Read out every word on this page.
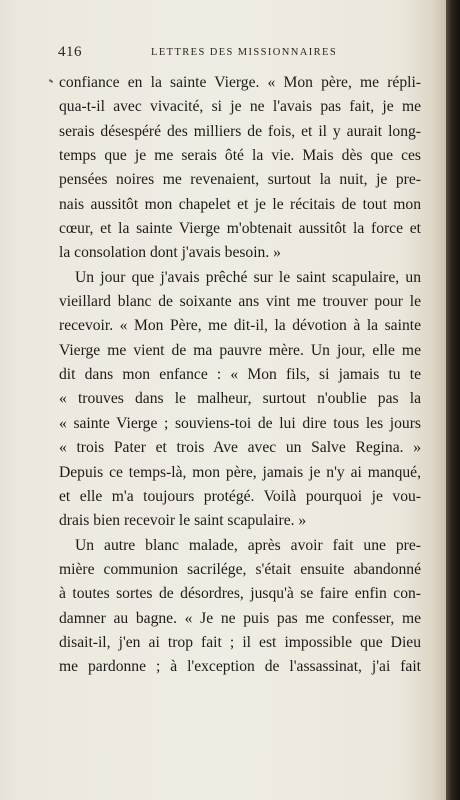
416	LETTRES DES MISSIONNAIRES
confiance en la sainte Vierge. « Mon père, me répli-
qua-t-il avec vivacité, si je ne l'avais pas fait, je me
serais désespéré des milliers de fois, et il y aurait long-
temps que je me serais ôté la vie. Mais dès que ces
pensées noires me revenaient, surtout la nuit, je pre-
nais aussitôt mon chapelet et je le récitais de tout mon
cœur, et la sainte Vierge m'obtenait aussitôt la force et
la consolation dont j'avais besoin. »
Un jour que j'avais prêché sur le saint scapulaire, un
vieillard blanc de soixante ans vint me trouver pour le
recevoir. « Mon Père, me dit-il, la dévotion à la sainte
Vierge me vient de ma pauvre mère. Un jour, elle me
dit dans mon enfance : « Mon fils, si jamais tu te
« trouves dans le malheur, surtout n'oublie pas la
« sainte Vierge ; souviens-toi de lui dire tous les jours
« trois Pater et trois Ave avec un Salve Regina. »
Depuis ce temps-là, mon père, jamais je n'y ai manqué,
et elle m'a toujours protégé. Voilà pourquoi je vou-
drais bien recevoir le saint scapulaire. »
Un autre blanc malade, après avoir fait une pre-
mière communion sacrilége, s'était ensuite abandonné
à toutes sortes de désordres, jusqu'à se faire enfin con-
damner au bagne. « Je ne puis pas me confesser, me
disait-il, j'en ai trop fait ; il est impossible que Dieu
me pardonne ; à l'exception de l'assassinat, j'ai fait
